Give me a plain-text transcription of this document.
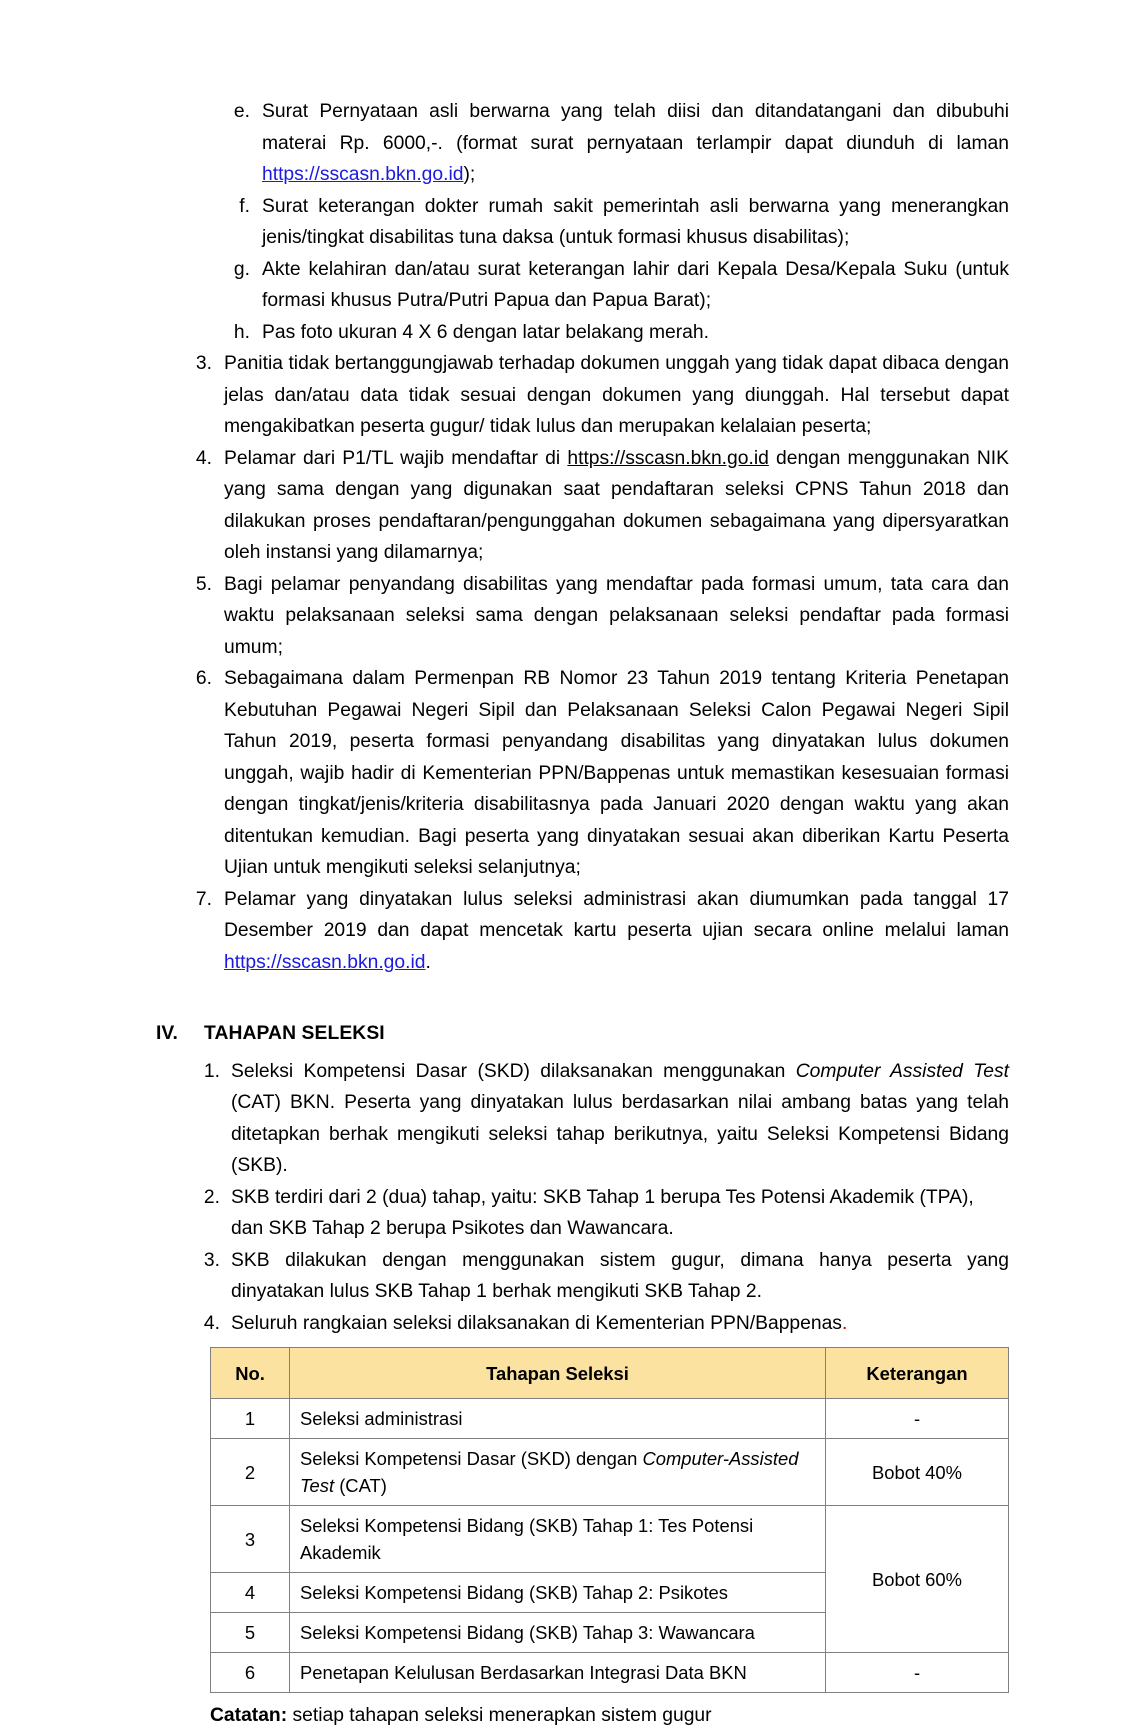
e. Surat Pernyataan asli berwarna yang telah diisi dan ditandatangani dan dibubuhi materai Rp. 6000,-. (format surat pernyataan terlampir dapat diunduh di laman https://sscasn.bkn.go.id);
f. Surat keterangan dokter rumah sakit pemerintah asli berwarna yang menerangkan jenis/tingkat disabilitas tuna daksa (untuk formasi khusus disabilitas);
g. Akte kelahiran dan/atau surat keterangan lahir dari Kepala Desa/Kepala Suku (untuk formasi khusus Putra/Putri Papua dan Papua Barat);
h. Pas foto ukuran 4 X 6 dengan latar belakang merah.
3. Panitia tidak bertanggungjawab terhadap dokumen unggah yang tidak dapat dibaca dengan jelas dan/atau data tidak sesuai dengan dokumen yang diunggah. Hal tersebut dapat mengakibatkan peserta gugur/ tidak lulus dan merupakan kelalaian peserta;
4. Pelamar dari P1/TL wajib mendaftar di https://sscasn.bkn.go.id dengan menggunakan NIK yang sama dengan yang digunakan saat pendaftaran seleksi CPNS Tahun 2018 dan dilakukan proses pendaftaran/pengunggahan dokumen sebagaimana yang dipersyaratkan oleh instansi yang dilamarnya;
5. Bagi pelamar penyandang disabilitas yang mendaftar pada formasi umum, tata cara dan waktu pelaksanaan seleksi sama dengan pelaksanaan seleksi pendaftar pada formasi umum;
6. Sebagaimana dalam Permenpan RB Nomor 23 Tahun 2019 tentang Kriteria Penetapan Kebutuhan Pegawai Negeri Sipil dan Pelaksanaan Seleksi Calon Pegawai Negeri Sipil Tahun 2019, peserta formasi penyandang disabilitas yang dinyatakan lulus dokumen unggah, wajib hadir di Kementerian PPN/Bappenas untuk memastikan kesesuaian formasi dengan tingkat/jenis/kriteria disabilitasnya pada Januari 2020 dengan waktu yang akan ditentukan kemudian. Bagi peserta yang dinyatakan sesuai akan diberikan Kartu Peserta Ujian untuk mengikuti seleksi selanjutnya;
7. Pelamar yang dinyatakan lulus seleksi administrasi akan diumumkan pada tanggal 17 Desember 2019 dan dapat mencetak kartu peserta ujian secara online melalui laman https://sscasn.bkn.go.id.
IV.	TAHAPAN SELEKSI
1. Seleksi Kompetensi Dasar (SKD) dilaksanakan menggunakan Computer Assisted Test (CAT) BKN. Peserta yang dinyatakan lulus berdasarkan nilai ambang batas yang telah ditetapkan berhak mengikuti seleksi tahap berikutnya, yaitu Seleksi Kompetensi Bidang (SKB).
2. SKB terdiri dari 2 (dua) tahap, yaitu: SKB Tahap 1 berupa Tes Potensi Akademik (TPA), dan SKB Tahap 2 berupa Psikotes dan Wawancara.
3. SKB dilakukan dengan menggunakan sistem gugur, dimana hanya peserta yang dinyatakan lulus SKB Tahap 1 berhak mengikuti SKB Tahap 2.
4. Seluruh rangkaian seleksi dilaksanakan di Kementerian PPN/Bappenas.
No.	Tahapan Seleksi	Keterangan
1	Seleksi administrasi	-
2	Seleksi Kompetensi Dasar (SKD) dengan Computer-Assisted Test (CAT)	Bobot 40%
3	Seleksi Kompetensi Bidang (SKB) Tahap 1: Tes Potensi Akademik	Bobot 60%
4	Seleksi Kompetensi Bidang (SKB) Tahap 2: Psikotes	
5	Seleksi Kompetensi Bidang (SKB) Tahap 3: Wawancara	
6	Penetapan Kelulusan Berdasarkan Integrasi Data BKN	-
Catatan: setiap tahapan seleksi menerapkan sistem gugur
